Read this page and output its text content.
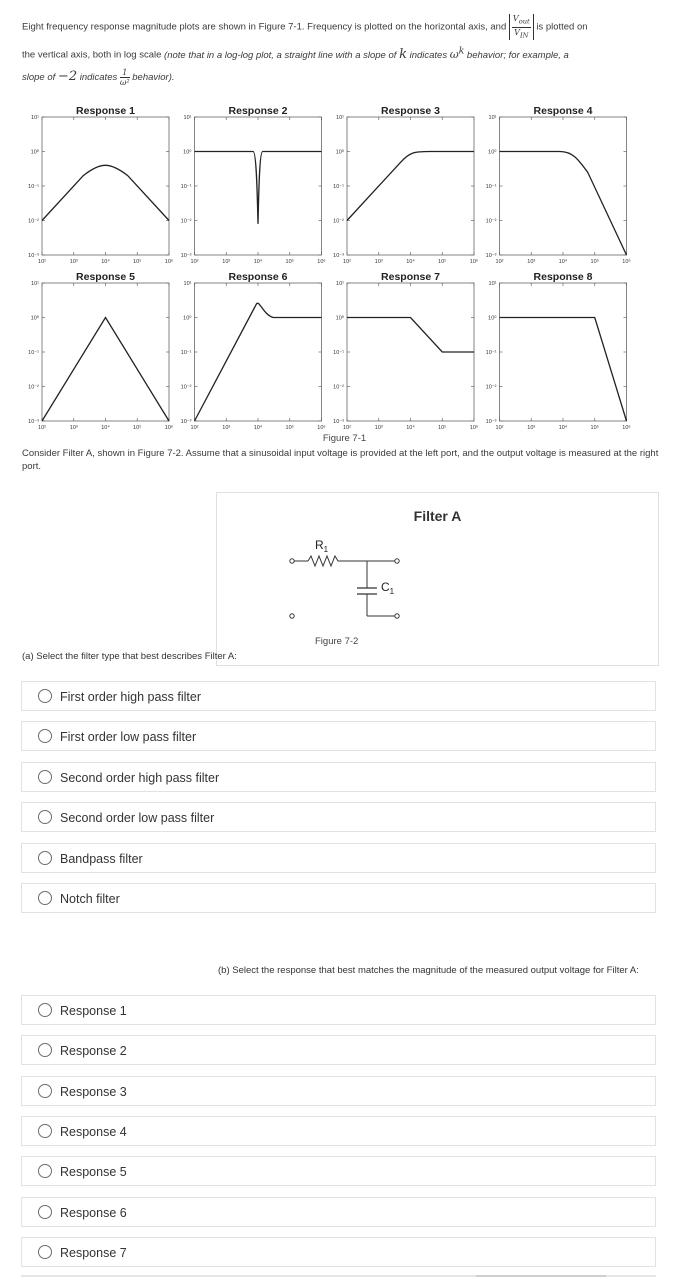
Eight frequency response magnitude plots are shown in Figure 7-1. Frequency is plotted on the horizontal axis, and $\frac{V_{out}}{V_{IN}}$ is plotted on
the vertical axis, both in log scale (note that in a log-log plot, a straight line with a slope of k indicates $\omega^k$ behavior; for example, a
slope of −2 indicates $\frac{1}{\text{ω²}}$ behavior).
Response 1
10¹
10⁰
10⁻¹
10⁻²
10⁻³
10²	10³	10⁴	10⁵	10⁶
Response 2
10¹
10⁰
10⁻¹
10⁻²
10⁻³
10²	10³	10⁴	10⁵	10⁶
Response 3
10¹
10⁰
10⁻¹
10⁻²
10⁻³
10²	10³	10⁴	10⁵	10⁶
Response 4
10¹
10⁰
10⁻¹
10⁻²
10⁻³
10²	10³	10⁴	10⁵	10⁶
Response 5
10¹
10⁰
10⁻¹
10⁻²
10⁻³
10²	10³	10⁴	10⁵	10⁶
Response 6
10¹
10⁰
10⁻¹
10⁻²
10⁻³
10²	10³	10⁴	10⁵	10⁶
Response 7
10¹
10⁰
10⁻¹
10⁻²
10⁻³
10²	10³	10⁴	10⁵	10⁶
Response 8
10¹
10⁰
10⁻¹
10⁻²
10⁻³
10²	10³	10⁴	10⁵	10⁶
Figure 7-1
Consider Filter A, shown in Figure 7-2. Assume that a sinusoidal input voltage is provided at the left port, and the output voltage is measured at the right port.
Filter A
$R_1$
$C_1$
Figure 7-2
(a) Select the filter type that best describes Filter A:
First order high pass filter
First order low pass filter
Second order high pass filter
Second order low pass filter
Bandpass filter
Notch filter
(b) Select the response that best matches the magnitude of the measured output voltage for Filter A:
Response 1
Response 2
Response 3
Response 4
Response 5
Response 6
Response 7
